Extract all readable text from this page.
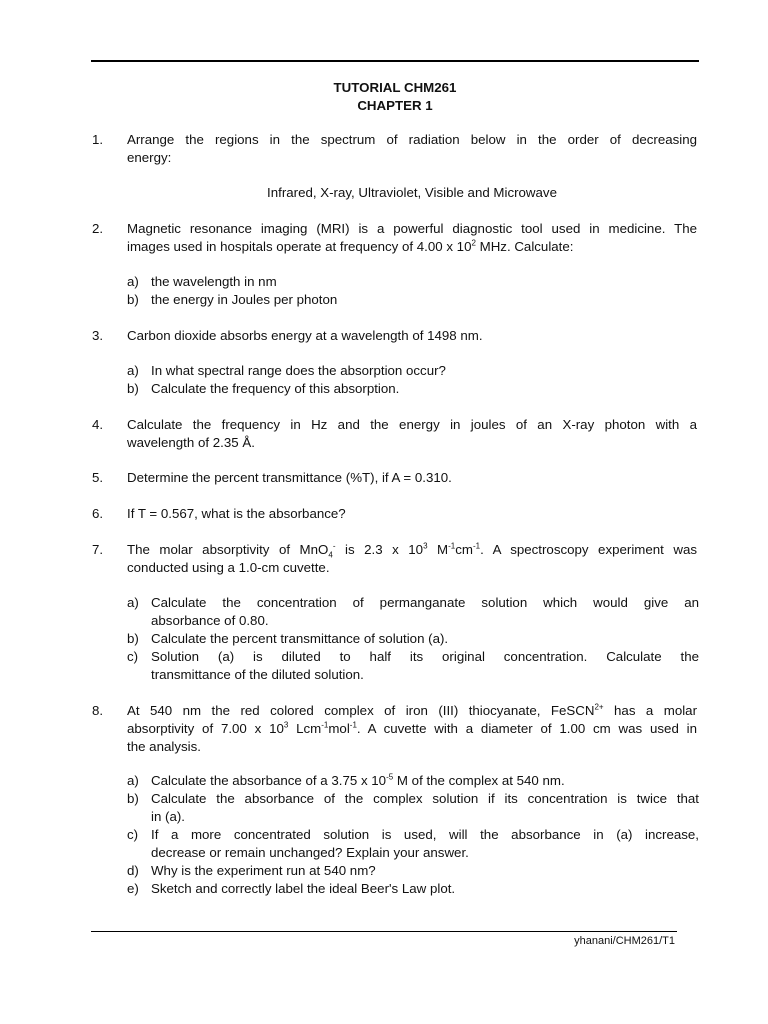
TUTORIAL CHM261
CHAPTER 1
1. Arrange the regions in the spectrum of radiation below in the order of decreasing
energy:
Infrared, X-ray, Ultraviolet, Visible and Microwave
2. Magnetic resonance imaging (MRI) is a powerful diagnostic tool used in medicine. The
images used in hospitals operate at frequency of 4.00 x $10^2$ MHz. Calculate:
a) the wavelength in nm
b) the energy in Joules per photon
3. Carbon dioxide absorbs energy at a wavelength of 1498 nm.
a) In what spectral range does the absorption occur?
b) Calculate the frequency of this absorption.
4. Calculate the frequency in Hz and the energy in joules of an X-ray photon with a
wavelength of 2.35 Å.
5. Determine the percent transmittance (%T), if A = 0.310.
6. If T = 0.567, what is the absorbance?
7. The molar absorptivity of MnO$_4$- is 2.3 x $10^3$ $M^{-1}cm^{-1}$. A spectroscopy experiment was
conducted using a 1.0-cm cuvette.
a) Calculate the concentration of permanganate solution which would give an
absorbance of 0.80.
b) Calculate the percent transmittance of solution (a).
c) Solution (a) is diluted to half its original concentration. Calculate the
transmittance of the diluted solution.
8. At 540 nm the red colored complex of iron (III) thiocyanate, FeSCN$^{2+}$ has a molar
absorptivity of 7.00 x $10^3$ Lcm$^{-1}$mol$^{-1}$. A cuvette with a diameter of 1.00 cm was used in
the analysis.
a) Calculate the absorbance of a 3.75 x $10^{-5}$ M of the complex at 540 nm.
b) Calculate the absorbance of the complex solution if its concentration is twice that
in (a).
c) If a more concentrated solution is used, will the absorbance in (a) increase,
decrease or remain unchanged? Explain your answer.
d) Why is the experiment run at 540 nm?
e) Sketch and correctly label the ideal Beer's Law plot.
yhanani/CHM261/T1
